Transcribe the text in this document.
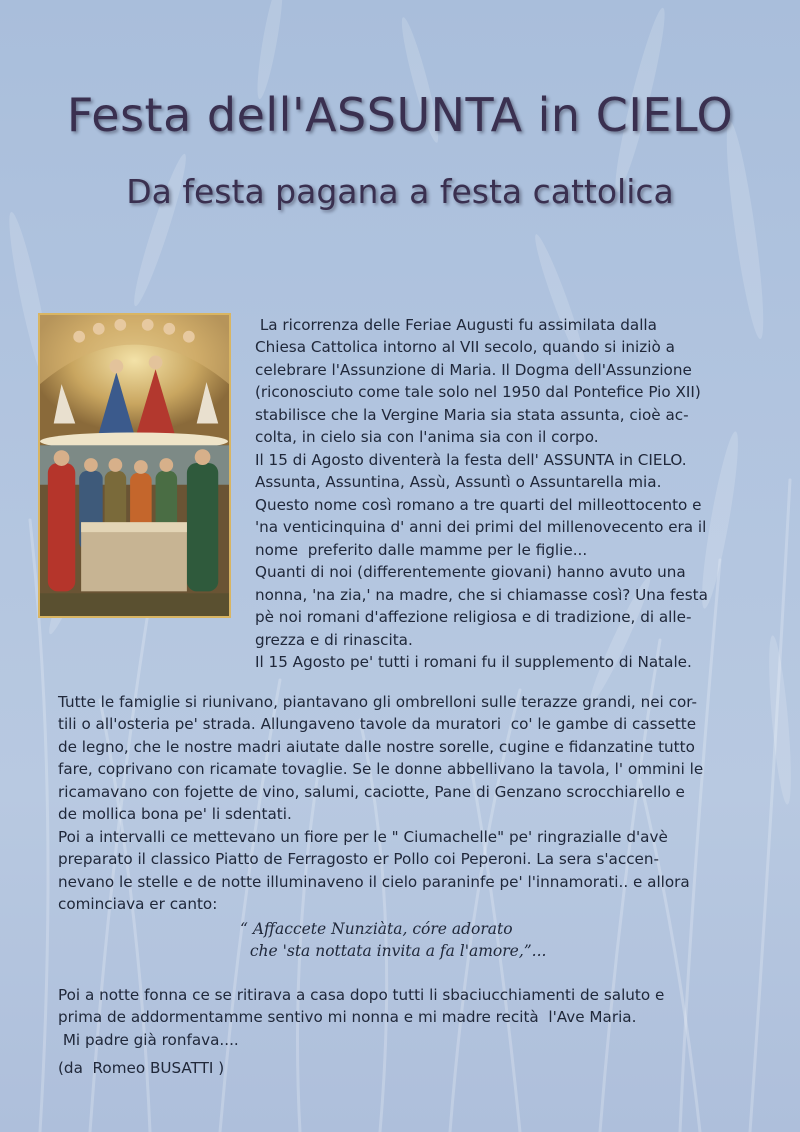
Festa dell'ASSUNTA in CIELO
Da festa pagana a festa cattolica

La ricorrenza delle Feriae Augusti fu assimilata dalla
Chiesa Cattolica intorno al VII secolo, quando si iniziò a
celebrare l'Assunzione di Maria. Il Dogma dell'Assunzione
(riconosciuto come tale solo nel 1950 dal Pontefice Pio XII)
stabilisce che la Vergine Maria sia stata assunta, cioè ac-
colta, in cielo sia con l'anima sia con il corpo.
Il 15 di Agosto diventerà la festa dell' ASSUNTA in CIELO.
Assunta, Assuntina, Assù, Assuntì o Assuntarella mia.
Questo nome così romano a tre quarti del milleottocento e
'na venticinquina d' anni dei primi del millenovecento era il
nome  preferito dalle mamme per le figlie...
Quanti di noi (differentemente giovani) hanno avuto una
nonna, 'na zia,' na madre, che si chiamasse così? Una festa
pè noi romani d'affezione religiosa e di tradizione, di alle-
grezza e di rinascita.
Il 15 Agosto pe' tutti i romani fu il supplemento di Natale.

Tutte le famiglie si riunivano, piantavano gli ombrelloni sulle terazze grandi, nei cor-
tili o all'osteria pe' strada. Allungaveno tavole da muratori  co' le gambe di cassette
de legno, che le nostre madri aiutate dalle nostre sorelle, cugine e fidanzatine tutto
fare, coprivano con ricamate tovaglie. Se le donne abbellivano la tavola, l' ommini le
ricamavano con fojette de vino, salumi, caciotte, Pane di Genzano scrocchiarello e
de mollica bona pe' li sdentati.
Poi a intervalli ce mettevano un fiore per le " Ciumachelle" pe' ringrazialle d'avè
preparato il classico Piatto de Ferragosto er Pollo coi Peperoni. La sera s'accen-
nevano le stelle e de notte illuminaveno il cielo paraninfe pe' l'innamorati.. e allora
cominciava er canto:

“ Affaccete Nunziàta, córe adorato
che 'sta nottata invita a fa l'amore,”...

Poi a notte fonna ce se ritirava a casa dopo tutti li sbaciucchiamenti de saluto e
prima de addormentamme sentivo mi nonna e mi madre recità  l'Ave Maria.
Mi padre già ronfava....

(da  Romeo BUSATTI )
